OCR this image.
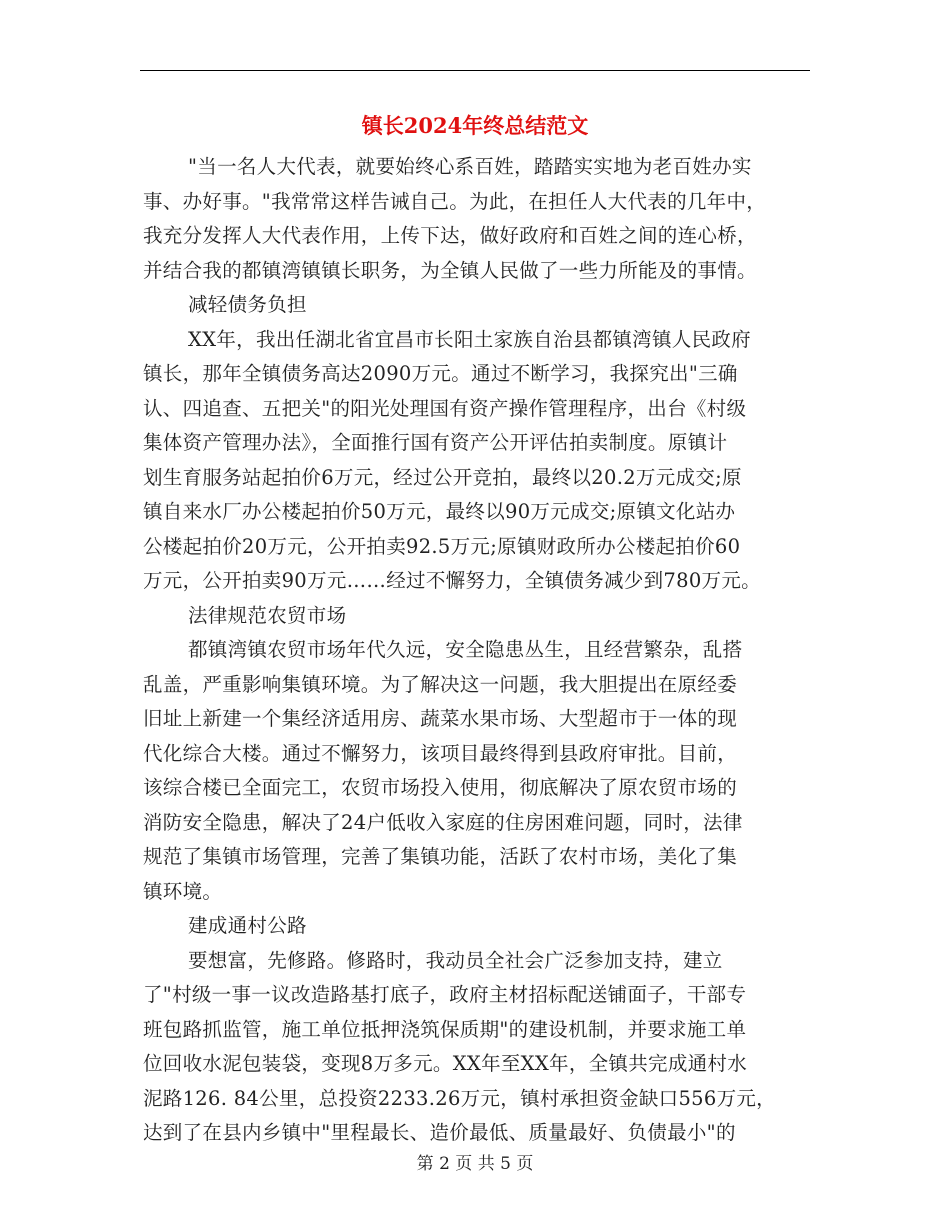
镇长2024年终总结范文
"当一名人大代表，就要始终心系百姓，踏踏实实地为老百姓办实
事、办好事。"我常常这样告诫自己。为此，在担任人大代表的几年中，
我充分发挥人大代表作用，上传下达，做好政府和百姓之间的连心桥，
并结合我的都镇湾镇镇长职务，为全镇人民做了一些力所能及的事情。
减轻债务负担
XX年，我出任湖北省宜昌市长阳土家族自治县都镇湾镇人民政府
镇长，那年全镇债务高达2090万元。通过不断学习，我探究出"三确
认、四追查、五把关"的阳光处理国有资产操作管理程序，出台《村级
集体资产管理办法》，全面推行国有资产公开评估拍卖制度。原镇计
划生育服务站起拍价6万元，经过公开竞拍，最终以20.2万元成交;原
镇自来水厂办公楼起拍价50万元，最终以90万元成交;原镇文化站办
公楼起拍价20万元，公开拍卖92.5万元;原镇财政所办公楼起拍价60
万元，公开拍卖90万元……经过不懈努力，全镇债务减少到780万元。
法律规范农贸市场
都镇湾镇农贸市场年代久远，安全隐患丛生，且经营繁杂，乱搭
乱盖，严重影响集镇环境。为了解决这一问题，我大胆提出在原经委
旧址上新建一个集经济适用房、蔬菜水果市场、大型超市于一体的现
代化综合大楼。通过不懈努力，该项目最终得到县政府审批。目前，
该综合楼已全面完工，农贸市场投入使用，彻底解决了原农贸市场的
消防安全隐患，解决了24户低收入家庭的住房困难问题，同时，法律
规范了集镇市场管理，完善了集镇功能，活跃了农村市场，美化了集
镇环境。
建成通村公路
要想富，先修路。修路时，我动员全社会广泛参加支持，建立
了"村级一事一议改造路基打底子，政府主材招标配送铺面子，干部专
班包路抓监管，施工单位抵押浇筑保质期"的建设机制，并要求施工单
位回收水泥包装袋，变现8万多元。XX年至XX年，全镇共完成通村水
泥路126. 84公里，总投资2233.26万元，镇村承担资金缺口556万元，
达到了在县内乡镇中"里程最长、造价最低、质量最好、负债最小"的
第 2 页 共 5 页
